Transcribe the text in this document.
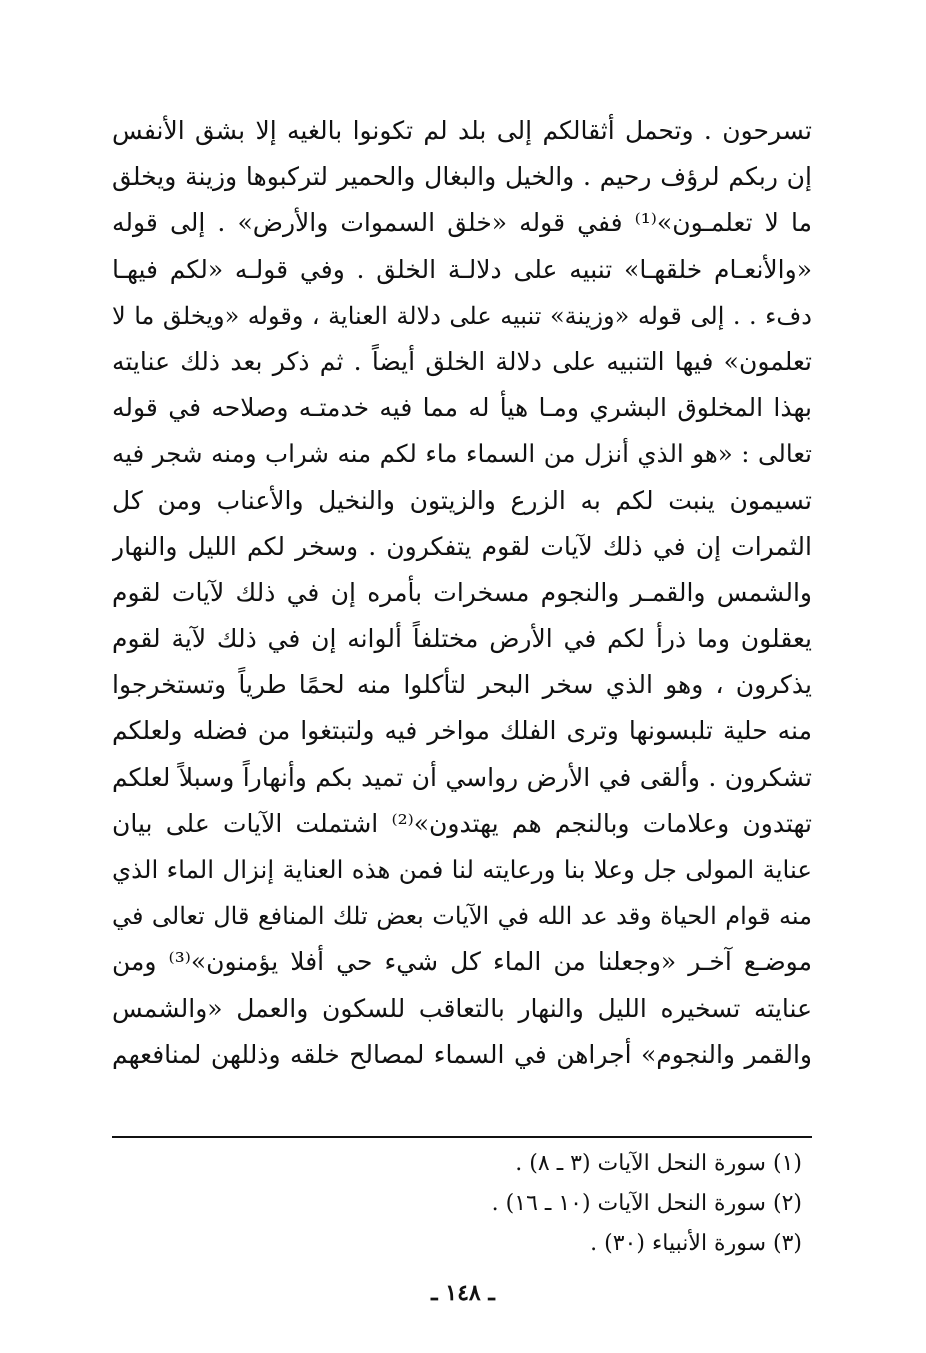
تسرحون . وتحمل أثقالكم إلى بلد لم تكونوا بالغيه إلا بشق الأنفس
إن ربكم لرؤف رحيم . والخيل والبغال والحمير لتركبوها وزينة ويخلق
ما لا تعلمـون»⁽¹⁾ ففي قوله «خلق السموات والأرض» . إلى قوله
«والأنعـام خلقهـا» تنبيه على دلالـة الخلق . وفي قولـه «لكم فيهـا
دفء . . إلى قوله «وزينة» تنبيه على دلالة العناية ، وقوله «ويخلق ما لا
تعلمون» فيها التنبيه على دلالة الخلق أيضاً . ثم ذكر بعد ذلك عنايته
بهذا المخلوق البشري ومـا هيأ له مما فيه خدمتـه وصلاحه في قوله
تعالى : «هو الذي أنزل من السماء ماء لكم منه شراب ومنه شجر فيه
تسيمون ينبت لكم به الزرع والزيتون والنخيل والأعناب ومن كل
الثمرات إن في ذلك لآيات لقوم يتفكرون . وسخر لكم الليل والنهار
والشمس والقمـر والنجوم مسخرات بأمره إن في ذلك لآيات لقوم
يعقلون وما ذرأ لكم في الأرض مختلفاً ألوانه إن في ذلك لآية لقوم
يذكرون ، وهو الذي سخر البحر لتأكلوا منه لحمًا طرياً وتستخرجوا
منه حلية تلبسونها وترى الفلك مواخر فيه ولتبتغوا من فضله ولعلكم
تشكرون . وألقى في الأرض رواسي أن تميد بكم وأنهاراً وسبلاً لعلكم
تهتدون وعلامات وبالنجم هم يهتدون»⁽²⁾ اشتملت الآيات على بيان
عناية المولى جل وعلا بنا ورعايته لنا فمن هذه العناية إنزال الماء الذي
منه قوام الحياة وقد عد الله في الآيات بعض تلك المنافع قال تعالى في
موضـع آخـر «وجعلنا من الماء كل شيء حي أفلا يؤمنون»⁽³⁾ ومن
عنايته تسخيره الليل والنهار بالتعاقب للسكون والعمل «والشمس
والقمر والنجوم» أجراهن في السماء لمصالح خلقه وذللهن لمنافعهم
(١) سورة النحل الآيات (٣ ـ ٨) .
(٢) سورة النحل الآيات (١٠ ـ ١٦) .
(٣) سورة الأنبياء (٣٠) .
ـ ١٤٨ ـ
